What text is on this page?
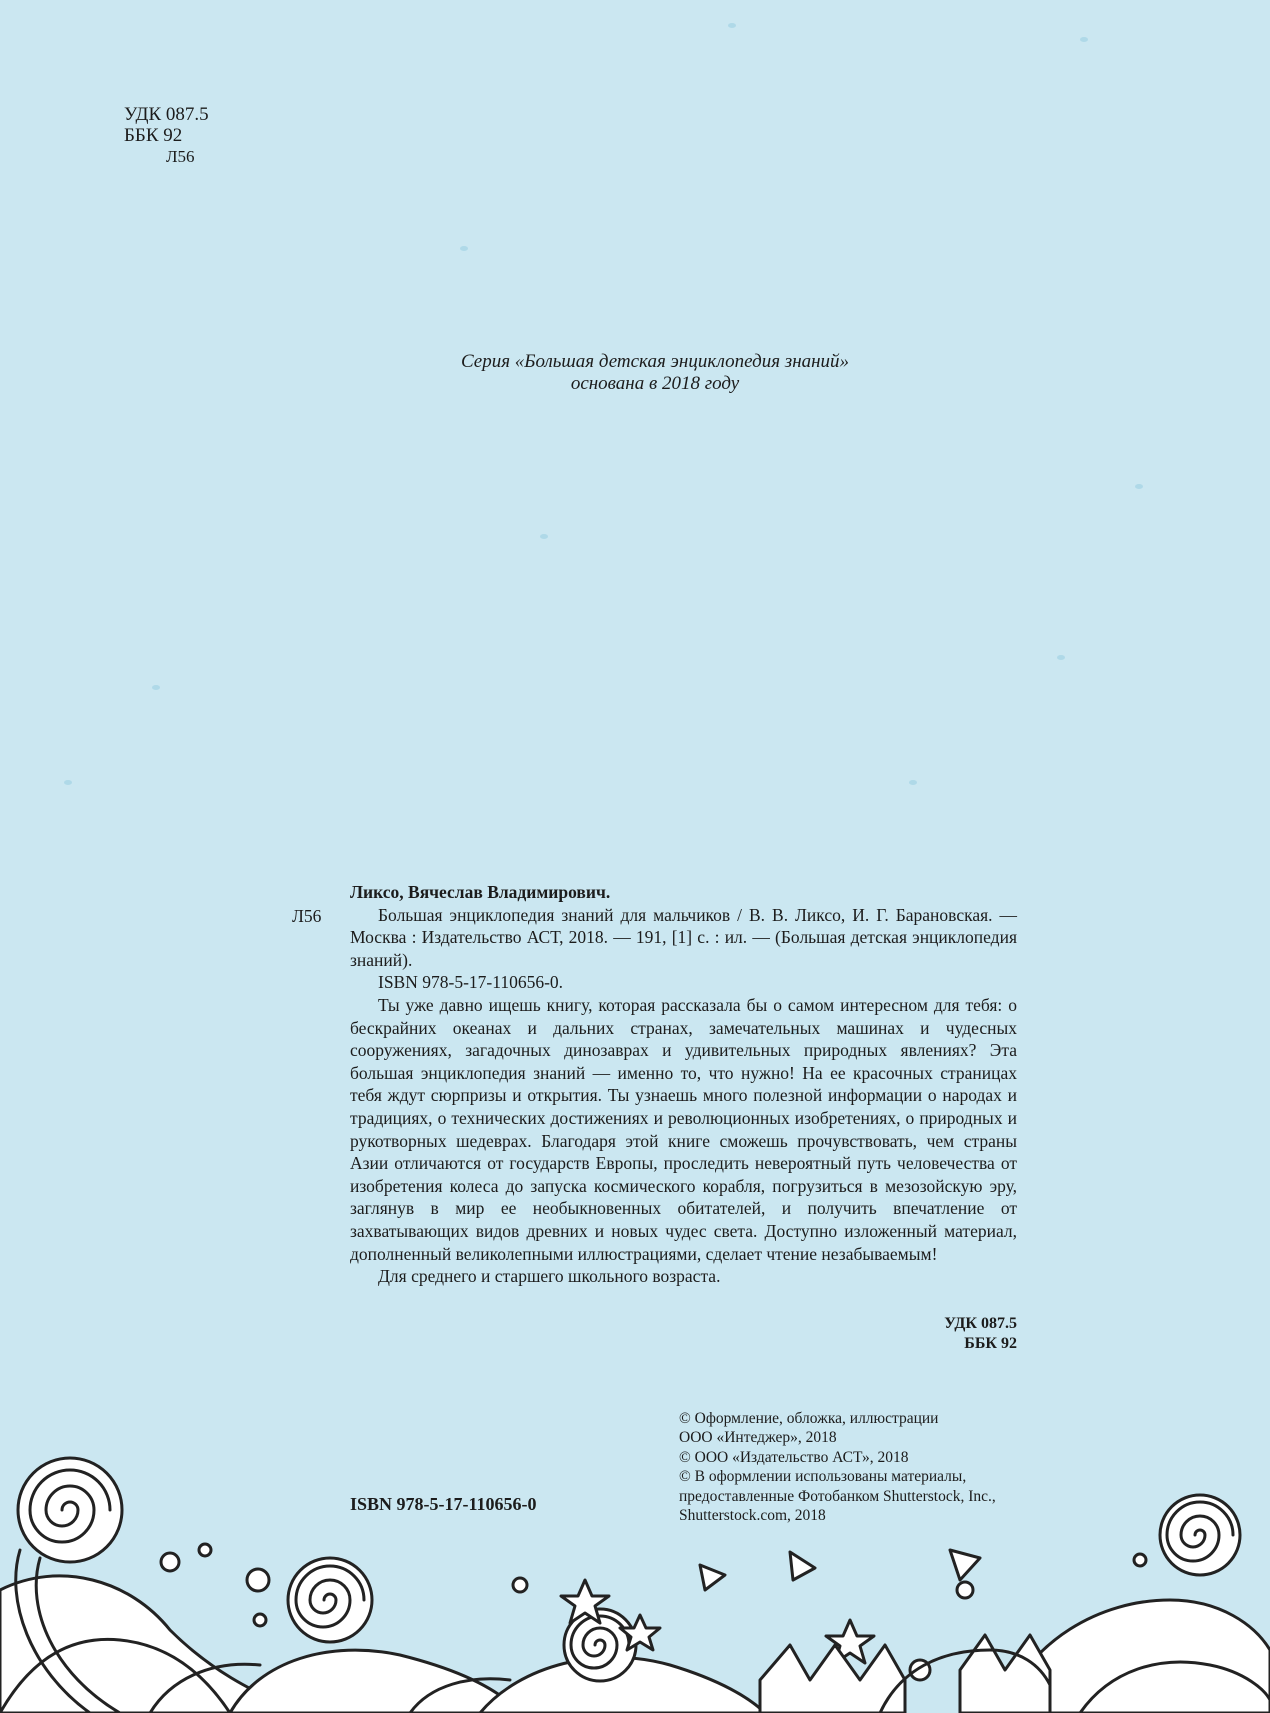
УДК 087.5
ББК 92
Л56
Серия «Большая детская энциклопедия знаний»
основана в 2018 году
Л56

Ликсо, Вячеслав Владимирович.

Большая энциклопедия знаний для мальчиков / В. В. Ликсо, И. Г. Барановская. — Москва : Издательство АСТ, 2018. — 191, [1] с. : ил. — (Большая детская энциклопедия знаний).

ISBN 978-5-17-110656-0.

Ты уже давно ищешь книгу, которая рассказала бы о самом интересном для тебя: о бескрайних океанах и дальних странах, замечательных машинах и чудесных сооружениях, загадочных динозаврах и удивительных природных явлениях? Эта большая энциклопедия знаний — именно то, что нужно! На ее красочных страницах тебя ждут сюрпризы и открытия. Ты узнаешь много полезной информации о народах и традициях, о технических достижениях и революционных изобретениях, о природных и рукотворных шедеврах. Благодаря этой книге сможешь прочувствовать, чем страны Азии отличаются от государств Европы, проследить невероятный путь человечества от изобретения колеса до запуска космического корабля, погрузиться в мезозойскую эру, заглянув в мир ее необыкновенных обитателей, и получить впечатление от захватывающих видов древних и новых чудес света. Доступно изложенный материал, дополненный великолепными иллюстрациями, сделает чтение незабываемым!

Для среднего и старшего школьного возраста.

УДК 087.5
ББК 92
© Оформление, обложка, иллюстрации
ООО «Интеджер», 2018
© ООО «Издательство АСТ», 2018
© В оформлении использованы материалы,
предоставленные Фотобанком Shutterstock, Inc.,
Shutterstock.com, 2018
ISBN 978-5-17-110656-0
